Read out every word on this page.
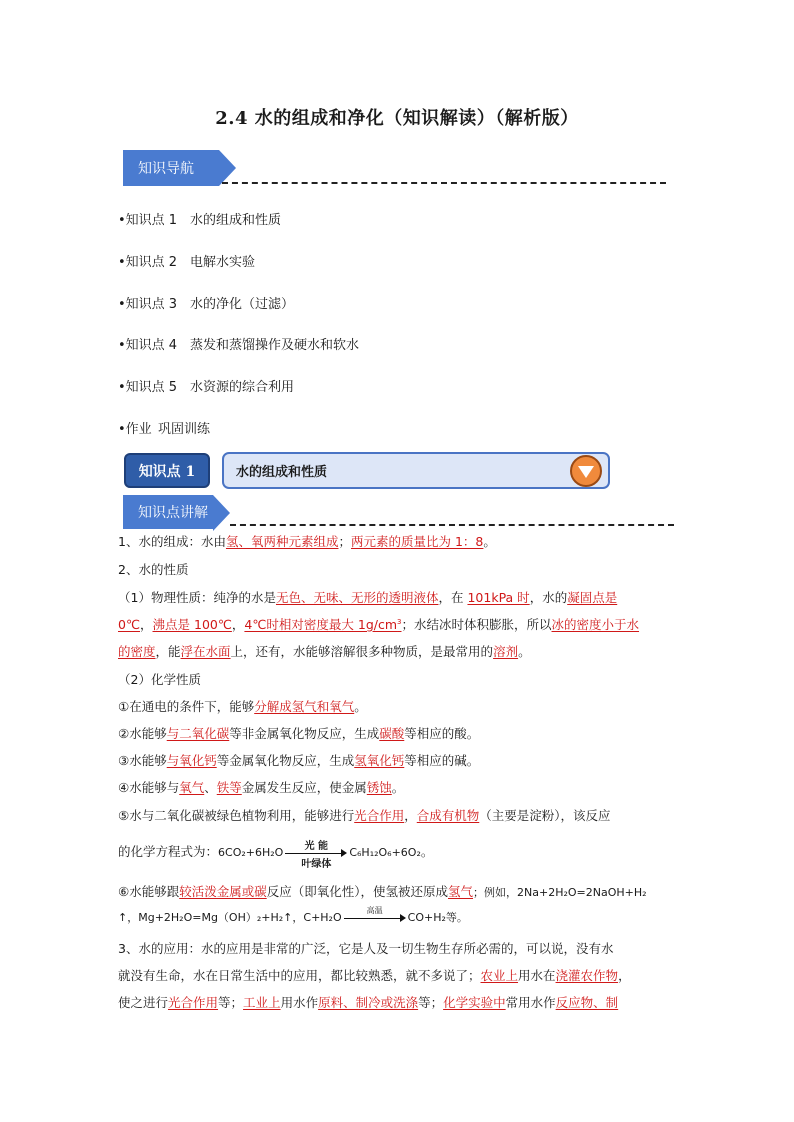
2.4 水的组成和净化（知识解读）（解析版）
知识导航
•知识点 1 水的组成和性质
•知识点 2 电解水实验
•知识点 3 水的净化（过滤）
•知识点 4 蒸发和蒸馏操作及硬水和软水
•知识点 5 水资源的综合利用
•作业 巩固训练
知识点 1	水的组成和性质
知识点讲解
1、水的组成：水由氢、氧两种元素组成；两元素的质量比为 1：8。
2、水的性质
（1）物理性质：纯净的水是无色、无味、无形的透明液体，在 101kPa 时，水的凝固点是
0℃，沸点是 100℃，4℃时相对密度最大 $1g/cm^3$；水结冰时体积膨胀，所以冰的密度小于水
的密度，能浮在水面上，还有，水能够溶解很多种物质，是最常用的溶剂。
（2）化学性质
①在通电的条件下，能够分解成氢气和氧气。
②水能够与二氧化碳等非金属氧化物反应，生成碳酸等相应的酸。
③水能够与氧化钙等金属氧化物反应，生成氢氧化钙等相应的碱。
④水能够与氧气、铁等金属发生反应，使金属锈蚀。
⑤水与二氧化碳被绿色植物利用，能够进行光合作用，合成有机物（主要是淀粉），该反应
的化学方程式为：6CO₂+6H₂O	光 能
叶绿体
C₆H₁₂O₆+6O₂。
⑥水能够跟较活泼金属或碳反应（即氧化性），使氢被还原成氢气；例如，2Na+2H₂O=2NaOH+H₂
↑，Mg+2H₂O=Mg（OH）₂+H₂↑，C+H₂O
高温
CO+H₂等。
3、水的应用：水的应用是非常的广泛，它是人及一切生物生存所必需的，可以说，没有水
就没有生命，水在日常生活中的应用，都比较熟悉，就不多说了；农业上用水在浇灌农作物，
使之进行光合作用等；工业上用水作原料、制冷或洗涤等；化学实验中常用水作反应物、制
